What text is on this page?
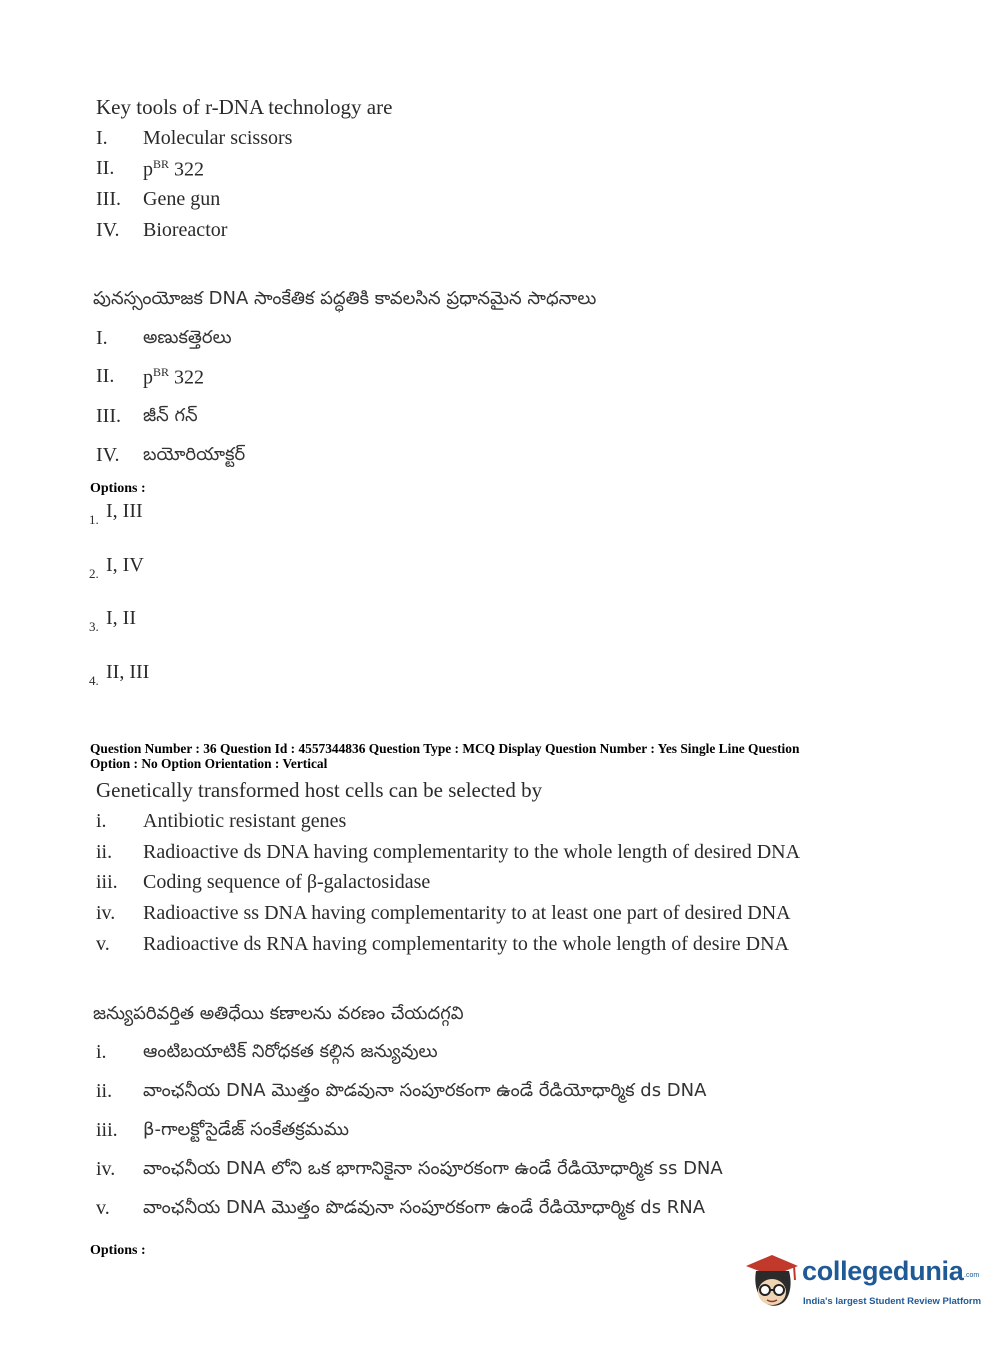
Key tools of r-DNA technology are
I. Molecular scissors
II. $p^{BR}$ 322
III. Gene gun
IV. Bioreactor
పునస్సంయోజక DNA సాంకేతిక పద్ధతికి కావలసిన ప్రధానమైన సాధనాలు
I. అణుకత్తెరలు
II. $p^{BR}$ 322
III. జీన్ గన్
IV. బయోరియాక్టర్
Options :
1. I, III
2. I, IV
3. I, II
4. II, III
Question Number : 36 Question Id : 4557344836 Question Type : MCQ Display Question Number : Yes Single Line Question
Option : No Option Orientation : Vertical
Genetically transformed host cells can be selected by
i. Antibiotic resistant genes
ii. Radioactive ds DNA having complementarity to the whole length of desired DNA
iii. Coding sequence of β-galactosidase
iv. Radioactive ss DNA having complementarity to at least one part of desired DNA
v. Radioactive ds RNA having complementarity to the whole length of desire DNA
జన్యుపరివర్తిత అతిధేయి కణాలను వరణం చేయదగ్గవి
i. ఆంటిబయాటిక్ నిరోధకత కల్గిన జన్యువులు
ii. వాంఛనీయ DNA మొత్తం పొడవునా సంపూరకంగా ఉండే రేడియోధార్మిక ds DNA
iii. β-గాలక్టోసైడేజ్ సంకేతక్రమము
iv. వాంఛనీయ DNA లోని ఒక భాగానికైనా సంపూరకంగా ఉండే రేడియోధార్మిక ss DNA
v. వాంఛనీయ DNA మొత్తం పొడవునా సంపూరకంగా ఉండే రేడియోధార్మిక ds RNA
Options :
collegedunia .com
India's largest Student Review Platform
